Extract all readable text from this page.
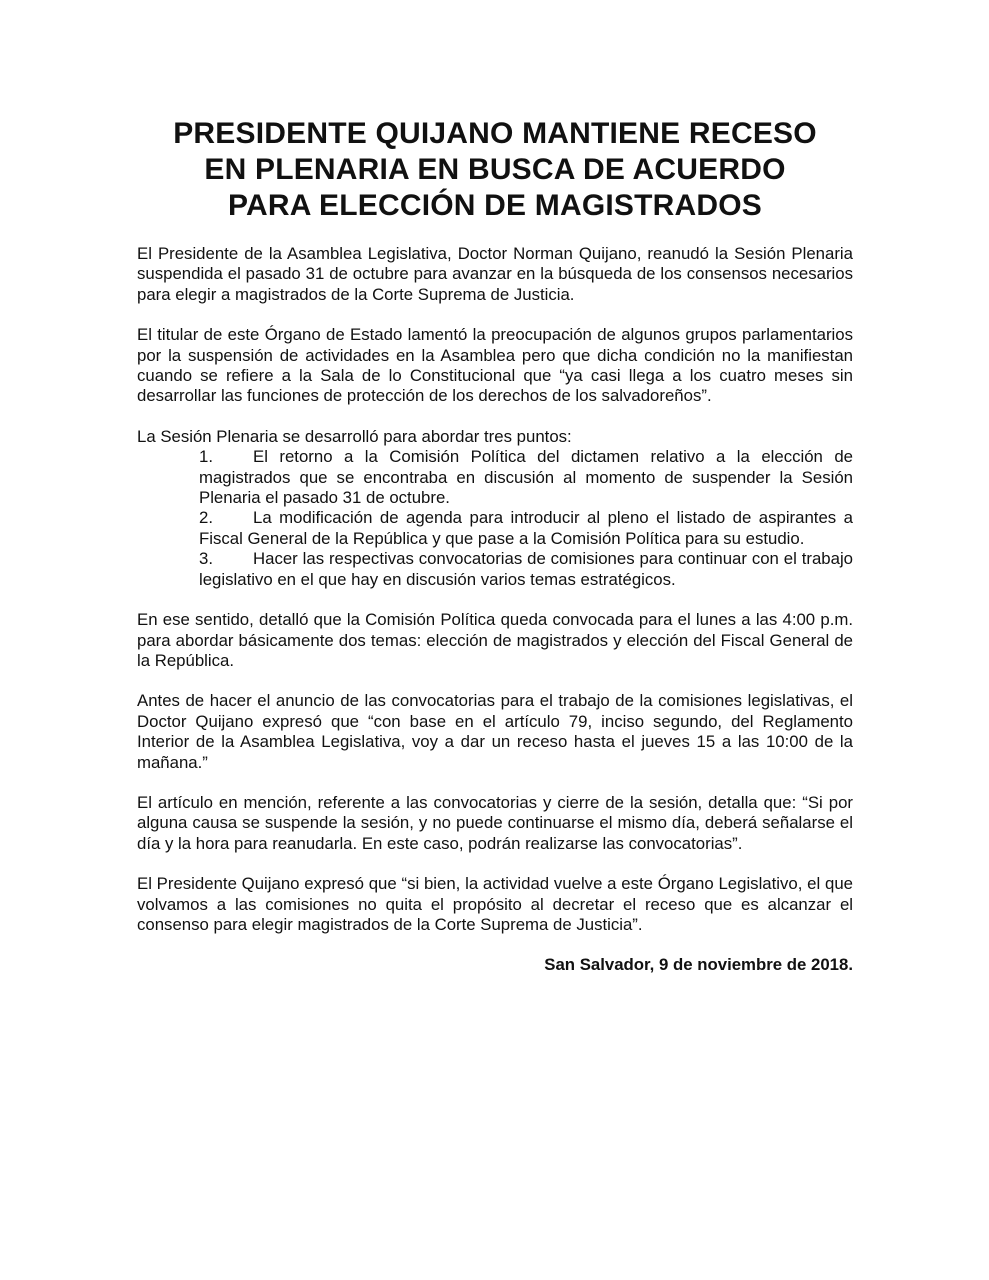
PRESIDENTE QUIJANO MANTIENE RECESO
EN PLENARIA EN BUSCA DE ACUERDO
PARA ELECCIÓN DE MAGISTRADOS

El Presidente de la Asamblea Legislativa, Doctor Norman Quijano, reanudó la Sesión Plenaria suspendida el pasado 31 de octubre para avanzar en la búsqueda de los consensos necesarios para elegir a magistrados de la Corte Suprema de Justicia.

El titular de este Órgano de Estado lamentó la preocupación de algunos grupos parlamentarios por la suspensión de actividades en la Asamblea pero que dicha condición no la manifiestan cuando se refiere a la Sala de lo Constitucional que “ya casi llega a los cuatro meses sin desarrollar las funciones de protección de los derechos de los salvadoreños”.

La Sesión Plenaria se desarrolló para abordar tres puntos:

1.	El retorno a la Comisión Política del dictamen relativo a la elección de magistrados que se encontraba en discusión al momento de suspender la Sesión Plenaria el pasado 31 de octubre.
2.	La modificación de agenda para introducir al pleno el listado de aspirantes a Fiscal General de la República y que pase a la Comisión Política para su estudio.
3.	Hacer las respectivas convocatorias de comisiones para continuar con el trabajo legislativo en el que hay en discusión varios temas estratégicos.

En ese sentido, detalló que la Comisión Política queda convocada para el lunes a las 4:00 p.m. para abordar básicamente dos temas: elección de magistrados y elección del Fiscal General de la República.

Antes de hacer el anuncio de las convocatorias para el trabajo de la comisiones legislativas, el Doctor Quijano expresó que “con base en el artículo 79, inciso segundo, del Reglamento Interior de la Asamblea Legislativa, voy a dar un receso hasta el jueves 15 a las 10:00 de la mañana.”

El artículo en mención, referente a las convocatorias y cierre de la sesión, detalla que: “Si por alguna causa se suspende la sesión, y no puede continuarse el mismo día, deberá señalarse el día y la hora para reanudarla. En este caso, podrán realizarse las convocatorias”.

El Presidente Quijano expresó que “si bien, la actividad vuelve a este Órgano Legislativo, el que volvamos a las comisiones no quita el propósito al decretar el receso que es alcanzar el consenso para elegir magistrados de la Corte Suprema de Justicia”.

San Salvador, 9 de noviembre de 2018.
